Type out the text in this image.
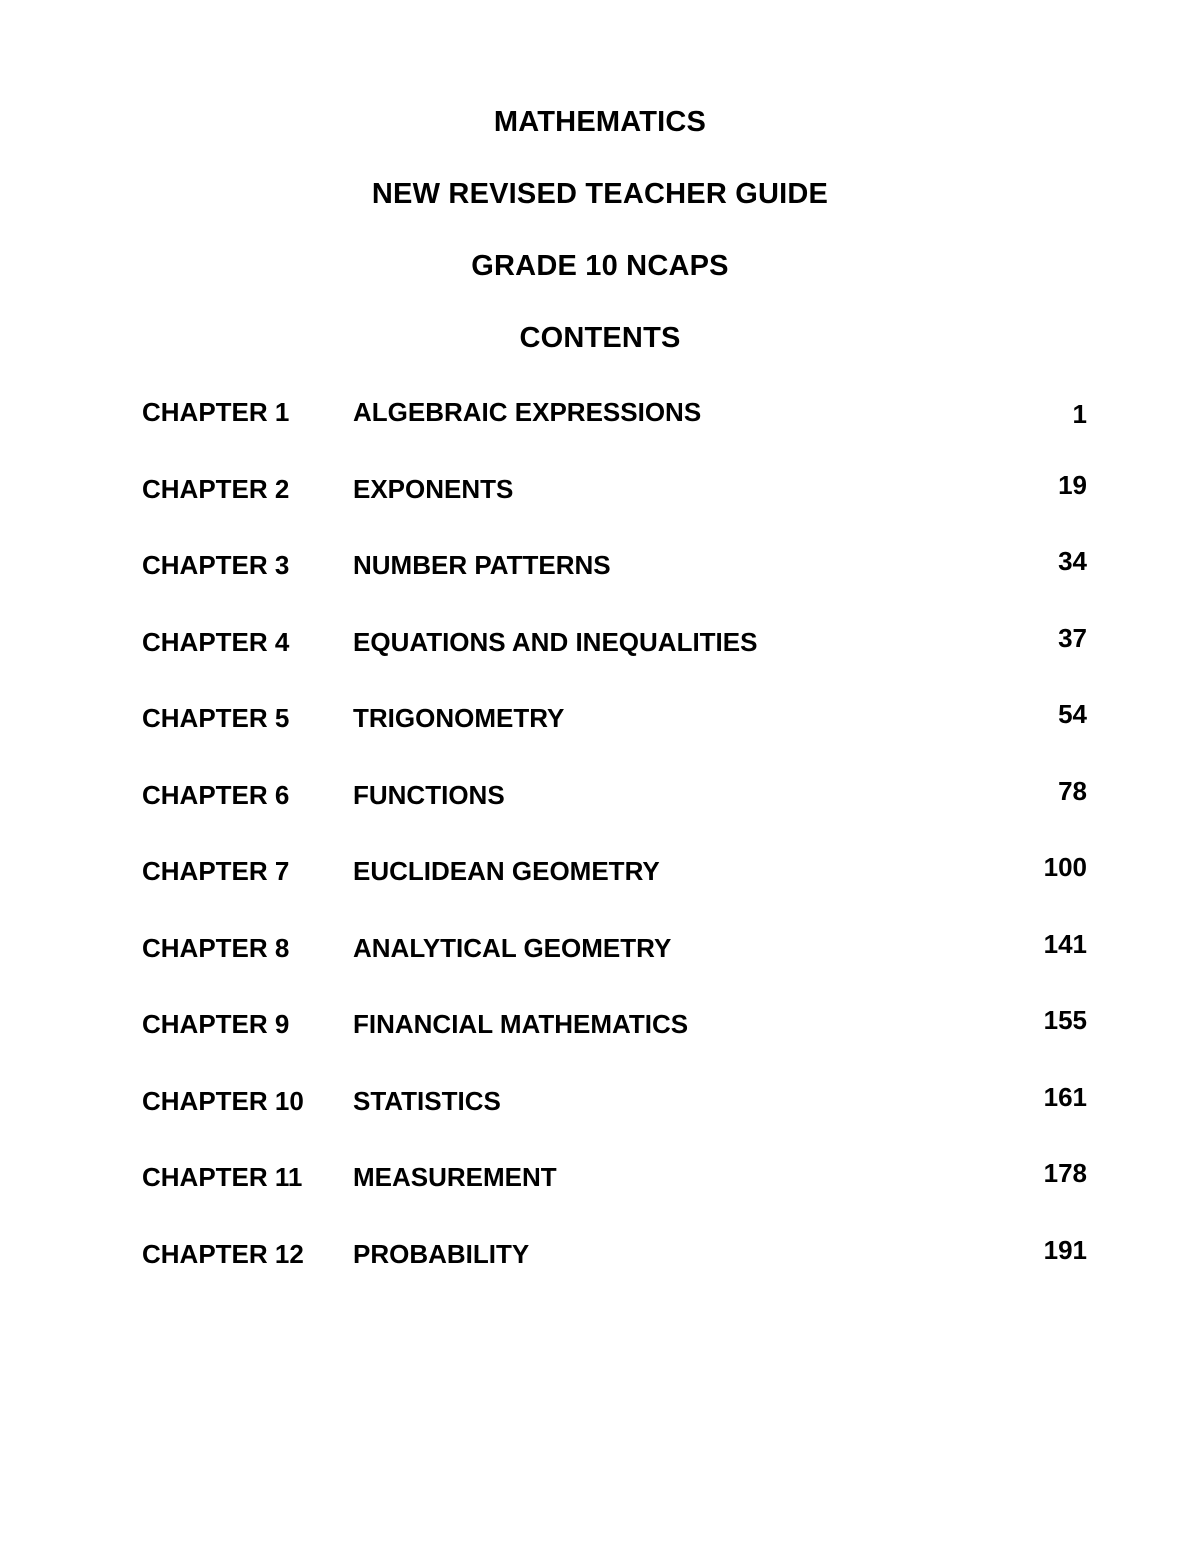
MATHEMATICS
NEW REVISED TEACHER GUIDE
GRADE 10 NCAPS
CONTENTS
CHAPTER 1 ALGEBRAIC EXPRESSIONS	1
CHAPTER 2 EXPONENTS	19
CHAPTER 3 NUMBER PATTERNS	34
CHAPTER 4 EQUATIONS AND INEQUALITIES	37
CHAPTER 5 TRIGONOMETRY	54
CHAPTER 6 FUNCTIONS	78
CHAPTER 7 EUCLIDEAN GEOMETRY	100
CHAPTER 8 ANALYTICAL GEOMETRY	141
CHAPTER 9 FINANCIAL MATHEMATICS	155
CHAPTER 10 STATISTICS	161
CHAPTER 11 MEASUREMENT	178
CHAPTER 12 PROBABILITY	191
